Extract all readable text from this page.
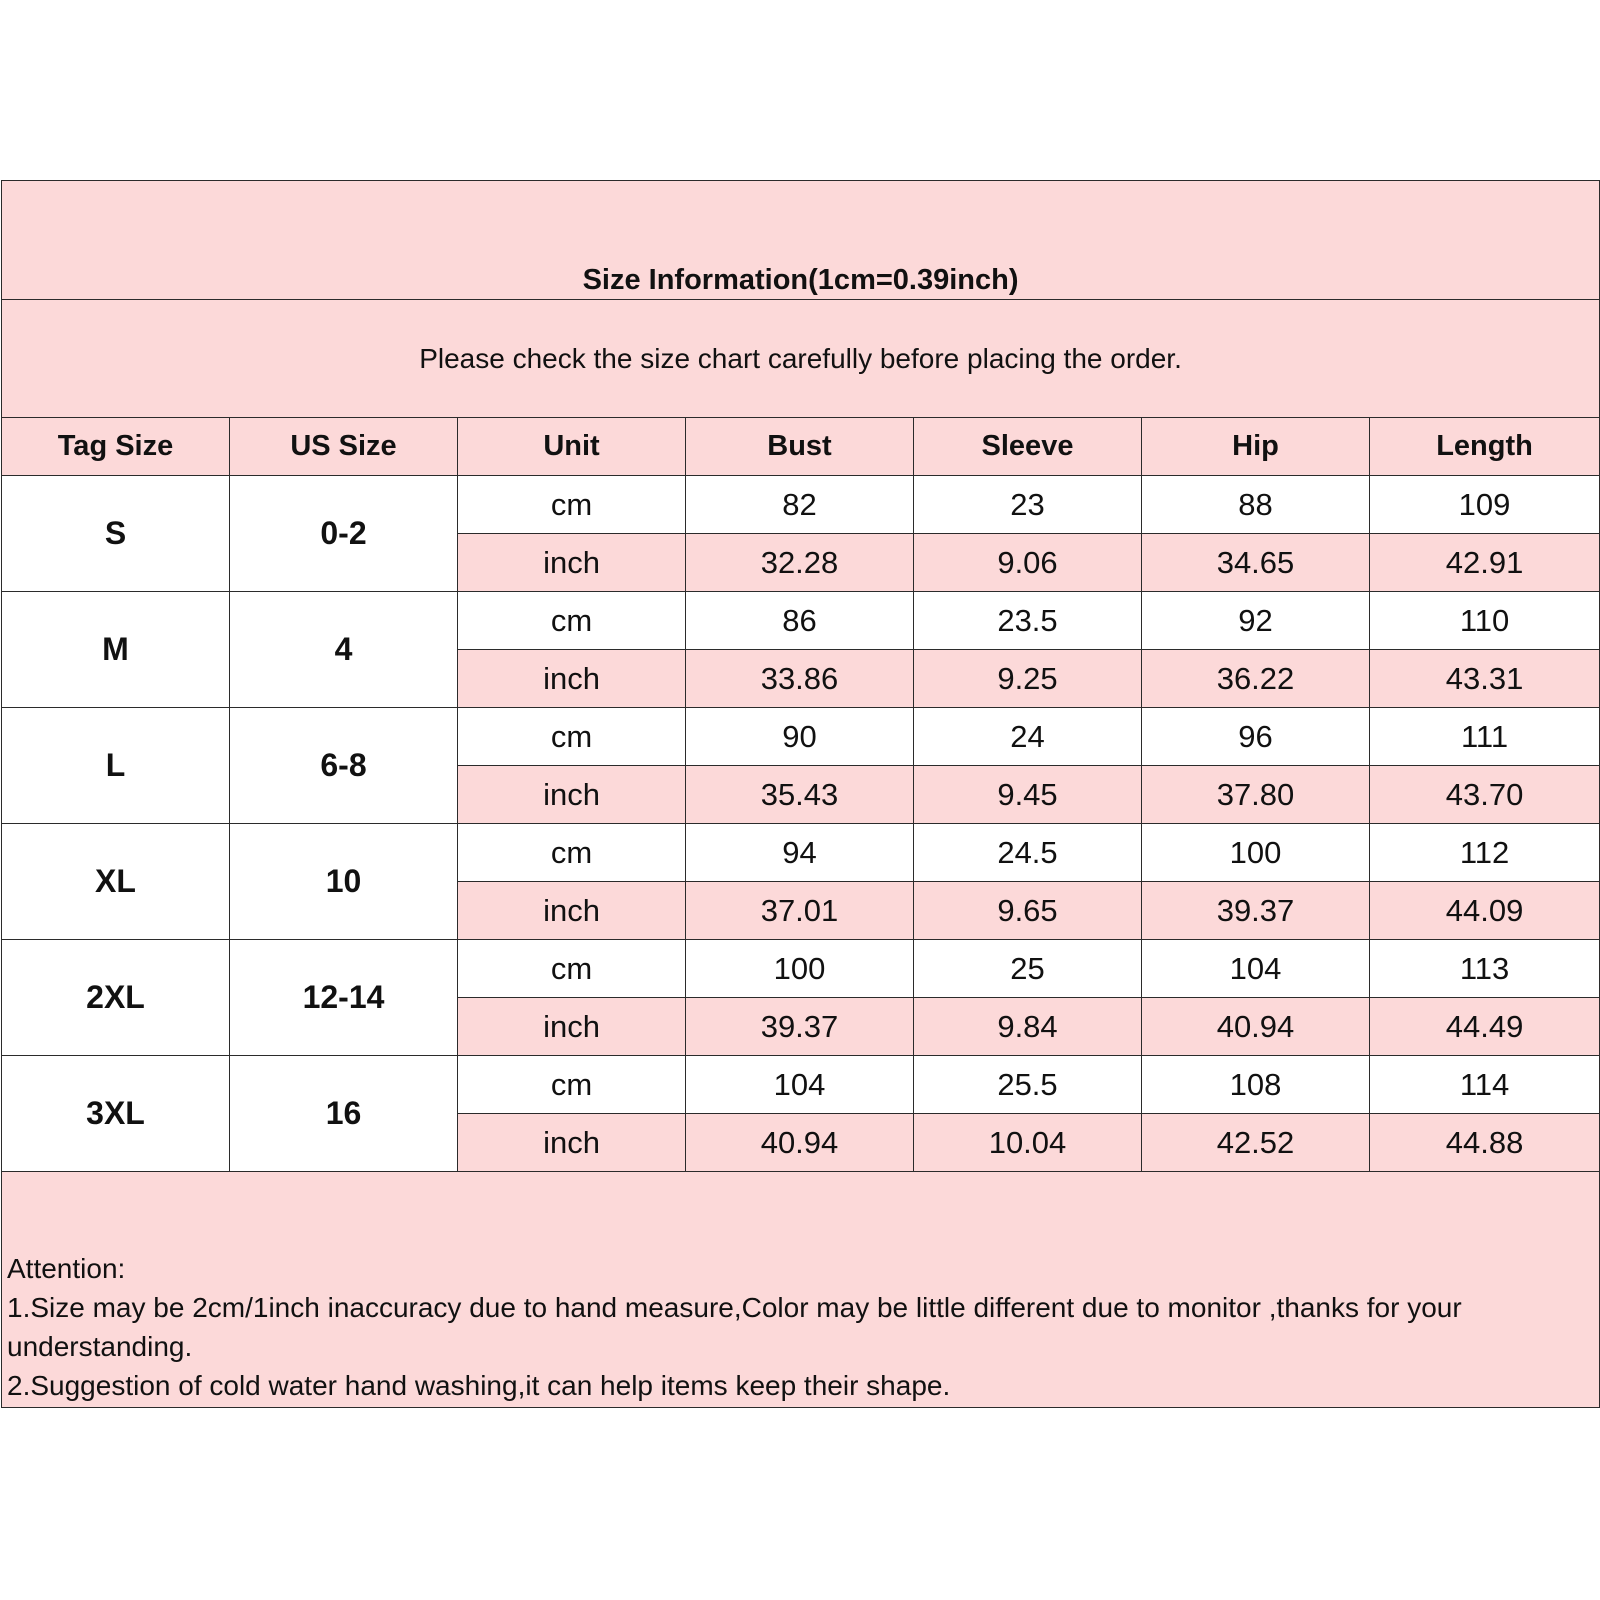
Size Information(1cm=0.39inch)						
Please check the size chart carefully before placing the order.						
Tag Size	US Size	Unit	Bust	Sleeve	Hip	Length
S	0-2	cm	82	23	88	109
		inch	32.28	9.06	34.65	42.91
M	4	cm	86	23.5	92	110
		inch	33.86	9.25	36.22	43.31
L	6-8	cm	90	24	96	111
		inch	35.43	9.45	37.80	43.70
XL	10	cm	94	24.5	100	112
		inch	37.01	9.65	39.37	44.09
2XL	12-14	cm	100	25	104	113
		inch	39.37	9.84	40.94	44.49
3XL	16	cm	104	25.5	108	114
		inch	40.94	10.04	42.52	44.88

Attention:
1.Size may be 2cm/1inch inaccuracy due to hand measure,Color may be little different due to monitor ,thanks for your understanding.
2.Suggestion of cold water hand washing,it can help items keep their shape.						
